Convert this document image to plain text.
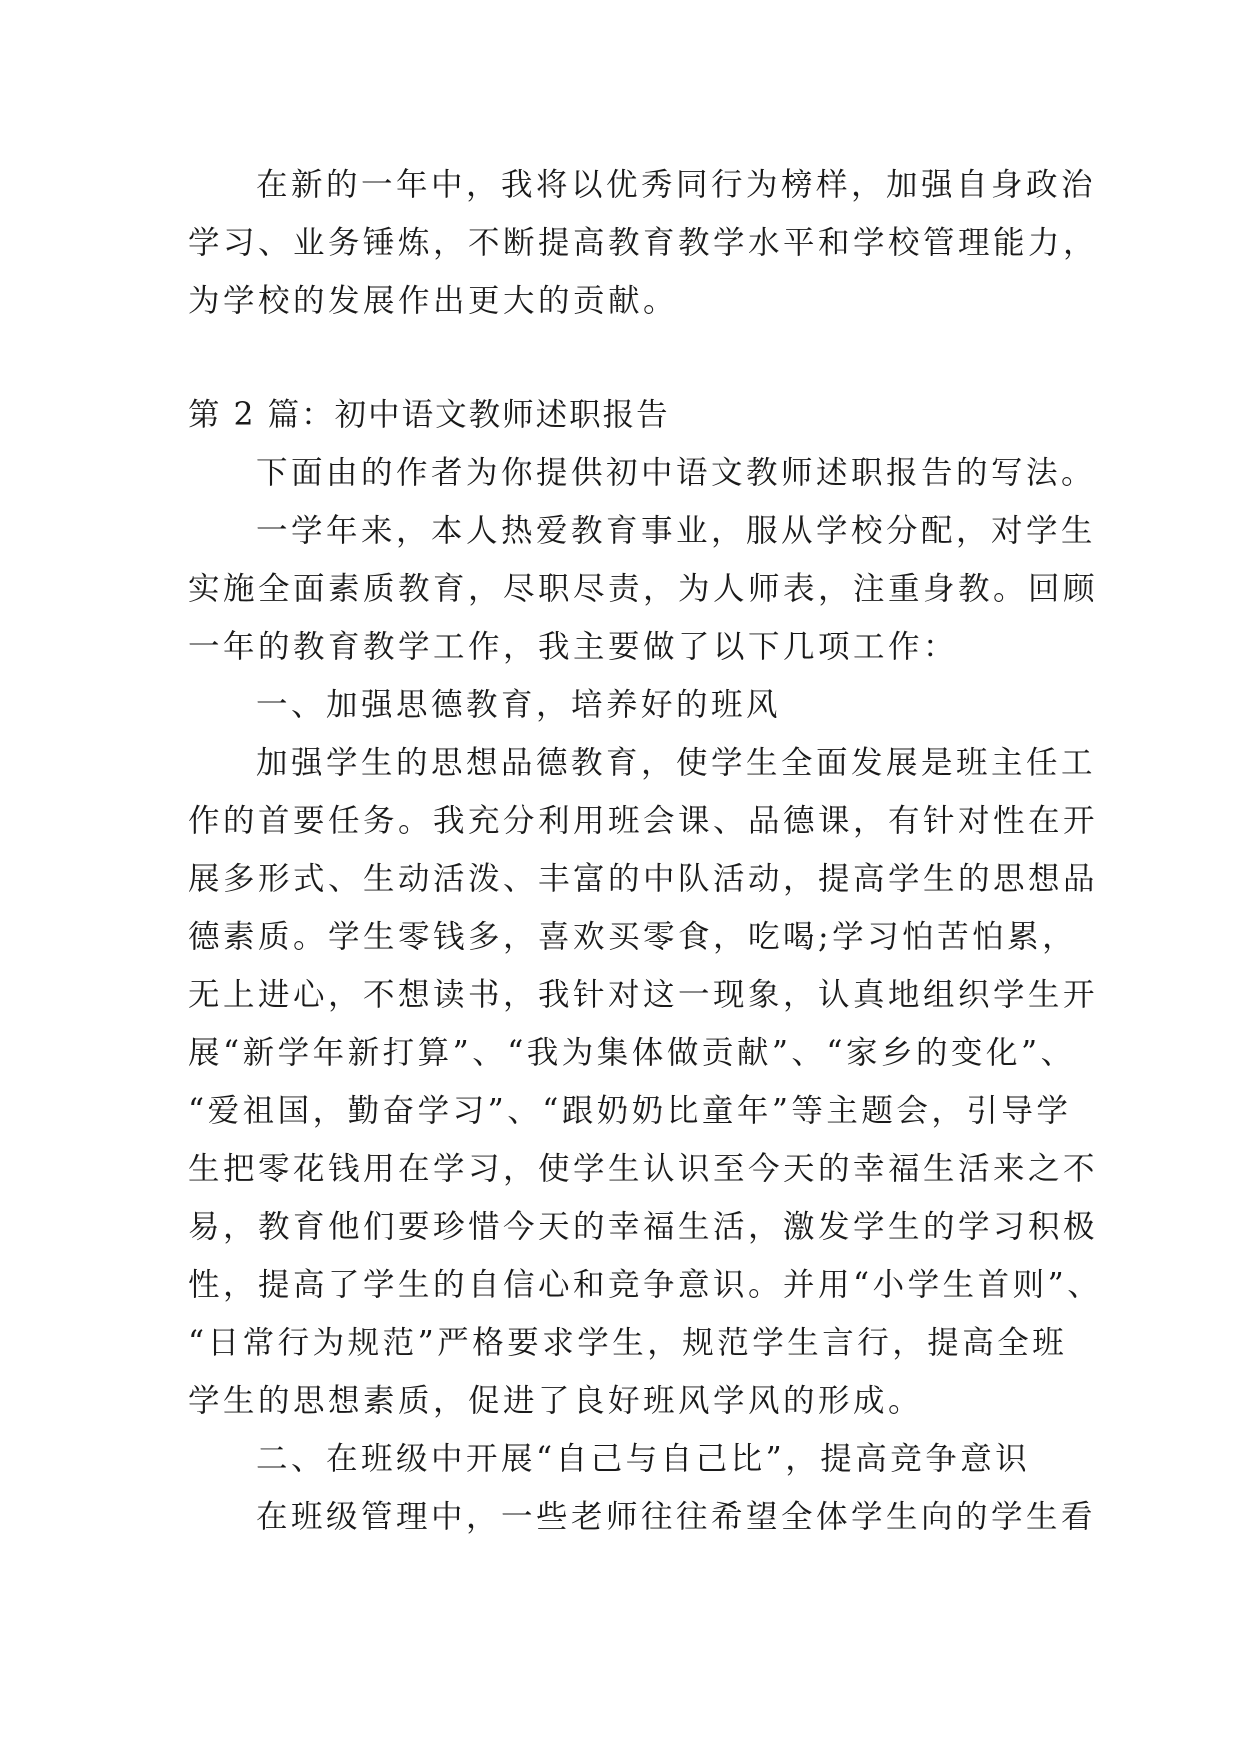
在新的一年中，我将以优秀同行为榜样，加强自身政治
学习、业务锤炼，不断提高教育教学水平和学校管理能力，
为学校的发展作出更大的贡献。
第 2 篇：初中语文教师述职报告
下面由的作者为你提供初中语文教师述职报告的写法。
一学年来，本人热爱教育事业，服从学校分配，对学生
实施全面素质教育，尽职尽责，为人师表，注重身教。回顾
一年的教育教学工作，我主要做了以下几项工作：
一、加强思德教育，培养好的班风
加强学生的思想品德教育，使学生全面发展是班主任工
作的首要任务。我充分利用班会课、品德课，有针对性在开
展多形式、生动活泼、丰富的中队活动，提高学生的思想品
德素质。学生零钱多，喜欢买零食，吃喝;学习怕苦怕累，
无上进心，不想读书，我针对这一现象，认真地组织学生开
展“新学年新打算”、“我为集体做贡献”、“家乡的变化”、
“爱祖国，勤奋学习”、“跟奶奶比童年”等主题会，引导学
生把零花钱用在学习，使学生认识至今天的幸福生活来之不
易，教育他们要珍惜今天的幸福生活，激发学生的学习积极
性，提高了学生的自信心和竞争意识。并用“小学生首则”、
“日常行为规范”严格要求学生，规范学生言行，提高全班
学生的思想素质，促进了良好班风学风的形成。
二、在班级中开展“自己与自己比”，提高竞争意识
在班级管理中，一些老师往往希望全体学生向的学生看
